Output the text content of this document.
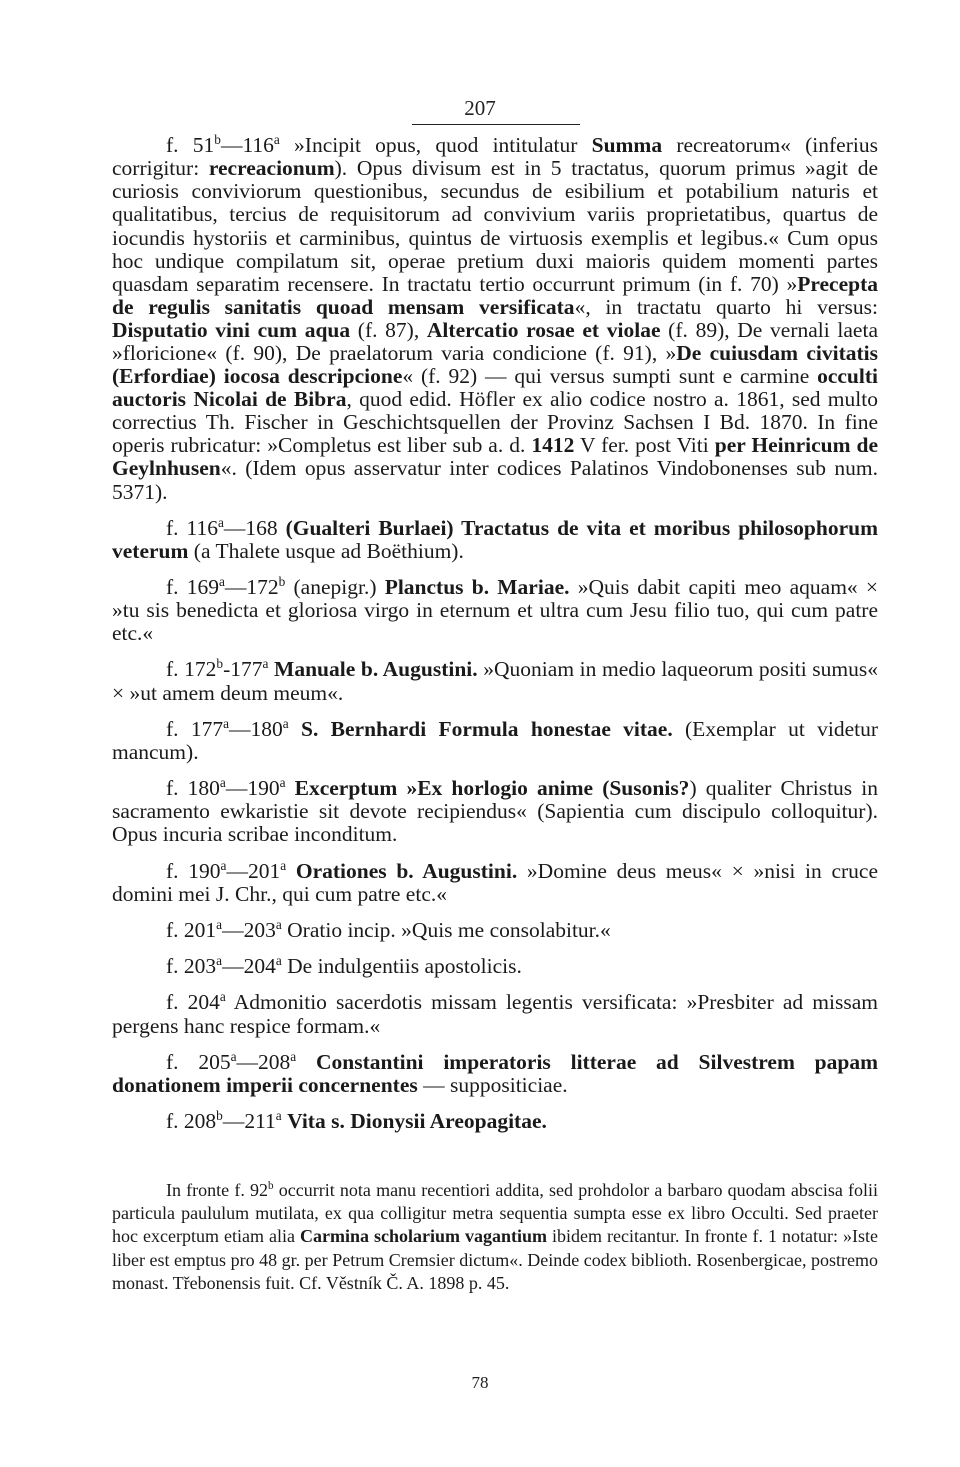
207

f. 51$^b$—116$^a$ »Incipit opus, quod intitulatur Summa recreatorum« (inferius corrigitur: recreacionum). Opus divisum est in 5 tractatus, quorum primus »agit de curiosis conviviorum questionibus, secundus de esibilium et potabilium naturis et qualitatibus, tercius de requisitorum ad convivium variis proprietatibus, quartus de iocundis hystoriis et carminibus, quintus de virtuosis exemplis et legibus.« Cum opus hoc undique compilatum sit, operae pretium duxi maioris quidem momenti partes quasdam separatim recensere. In tractatu tertio occurrunt primum (in f. 70) »Precepta de regulis sanitatis quoad mensam versificata«, in tractatu quarto hi versus: Disputatio vini cum aqua (f. 87), Altercatio rosae et violae (f. 89), De vernali laeta »floricione« (f. 90), De praelatorum varia condicione (f. 91), »De cuiusdam civitatis (Erfordiae) iocosa descripcione« (f. 92) — qui versus sumpti sunt e carmine occulti auctoris Nicolai de Bibra, quod edid. Höfler ex alio codice nostro a. 1861, sed multo correctius Th. Fischer in Geschichtsquellen der Provinz Sachsen I Bd. 1870. In fine operis rubricatur: »Completus est liber sub a. d. 1412 V fer. post Viti per Heinricum de Geylnhusen«. (Idem opus asservatur inter codices Palatinos Vindobonenses sub num. 5371).

f. 116$^a$—168 (Gualteri Burlaei) Tractatus de vita et moribus philosophorum veterum (a Thalete usque ad Boëthium).

f. 169$^a$—172$^b$ (anepigr.) Planctus b. Mariae. »Quis dabit capiti meo aquam« × »tu sis benedicta et gloriosa virgo in eternum et ultra cum Jesu filio tuo, qui cum patre etc.«

f. 172$^b$-177$^a$ Manuale b. Augustini. »Quoniam in medio laqueorum positi sumus« × »ut amem deum meum«.

f. 177$^a$—180$^a$ S. Bernhardi Formula honestae vitae. (Exemplar ut videtur mancum).

f. 180$^a$—190$^a$ Excerptum »Ex horlogio anime (Susonis?) qualiter Christus in sacramento ewkaristie sit devote recipiendus« (Sapientia cum discipulo colloquitur). Opus incuria scribae inconditum.

f. 190$^a$—201$^a$ Orationes b. Augustini. »Domine deus meus« × »nisi in cruce domini mei J. Chr., qui cum patre etc.«

f. 201$^a$—203$^a$ Oratio incip. »Quis me consolabitur.«

f. 203$^a$—204$^a$ De indulgentiis apostolicis.

f. 204$^a$ Admonitio sacerdotis missam legentis versificata: »Presbiter ad missam pergens hanc respice formam.«

f. 205$^a$—208$^a$ Constantini imperatoris litterae ad Silvestrem papam donationem imperii concernentes — suppositiciae.

f. 208$^b$—211$^a$ Vita s. Dionysii Areopagitae.

In fronte f. 92$^b$ occurrit nota manu recentiori addita, sed prohdolor a barbaro quodam abscisa folii particula paululum mutilata, ex qua colligitur metra sequentia sumpta esse ex libro Occulti. Sed praeter hoc excerptum etiam alia Carmina scholarium vagantium ibidem recitantur. In fronte f. 1 notatur: »Iste liber est emptus pro 48 gr. per Petrum Cremsier dictum«. Deinde codex biblioth. Rosenbergicae, postremo monast. Třebonensis fuit. Cf. Věstník Č. A. 1898 p. 45.

78
